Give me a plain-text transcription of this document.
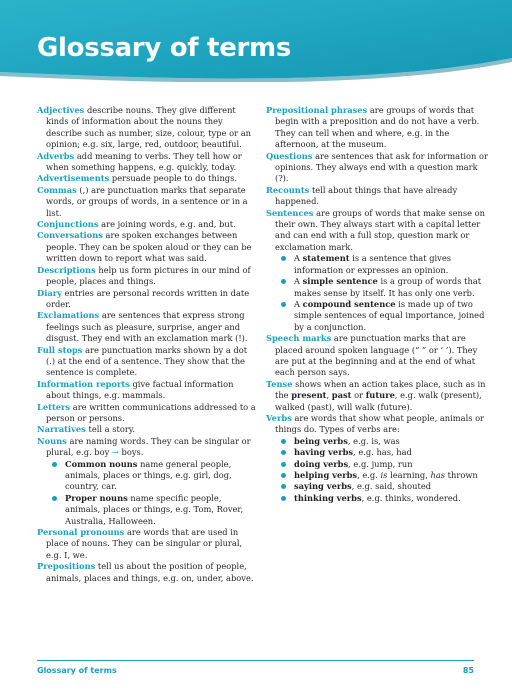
Glossary of terms

Adjectives describe nouns. They give different kinds of information about the nouns they describe such as number, size, colour, type or an opinion; e.g. six, large, red, outdoor, beautiful.

Adverbs add meaning to verbs. They tell how or when something happens, e.g. quickly, today.

Advertisements persuade people to do things.

Commas (,) are punctuation marks that separate words, or groups of words, in a sentence or in a list.

Conjunctions are joining words, e.g. and, but.

Conversations are spoken exchanges between people. They can be spoken aloud or they can be written down to report what was said.

Descriptions help us form pictures in our mind of people, places and things.

Diary entries are personal records written in date order.

Exclamations are sentences that express strong feelings such as pleasure, surprise, anger and disgust. They end with an exclamation mark (!).

Full stops are punctuation marks shown by a dot (.) at the end of a sentence. They show that the sentence is complete.

Information reports give factual information about things, e.g. mammals.

Letters are written communications addressed to a person or persons.

Narratives tell a story.

Nouns are naming words. They can be singular or plural, e.g. boy → boys.

Common nouns name general people, animals, places or things, e.g. girl, dog, country, car.

Proper nouns name specific people, animals, places or things, e.g. Tom, Rover, Australia, Halloween.

Personal pronouns are words that are used in place of nouns. They can be singular or plural, e.g. I, we.

Prepositions tell us about the position of people, animals, places and things, e.g. on, under, above.

Prepositional phrases are groups of words that begin with a preposition and do not have a verb. They can tell when and where, e.g. in the afternoon, at the museum.

Questions are sentences that ask for information or opinions. They always end with a question mark (?).

Recounts tell about things that have already happened.

Sentences are groups of words that make sense on their own. They always start with a capital letter and can end with a full stop, question mark or exclamation mark.

A statement is a sentence that gives information or expresses an opinion.

A simple sentence is a group of words that makes sense by itself. It has only one verb.

A compound sentence is made up of two simple sentences of equal importance, joined by a conjunction.

Speech marks are punctuation marks that are placed around spoken language (“ ” or ‘ ’). They are put at the beginning and at the end of what each person says.

Tense shows when an action takes place, such as in the present, past or future, e.g. walk (present), walked (past), will walk (future).

Verbs are words that show what people, animals or things do. Types of verbs are:

being verbs, e.g. is, was

having verbs, e.g. has, had

doing verbs, e.g. jump, run

helping verbs, e.g. is learning, has thrown

saying verbs, e.g. said, shouted

thinking verbs, e.g. thinks, wondered.

Glossary of terms	85
